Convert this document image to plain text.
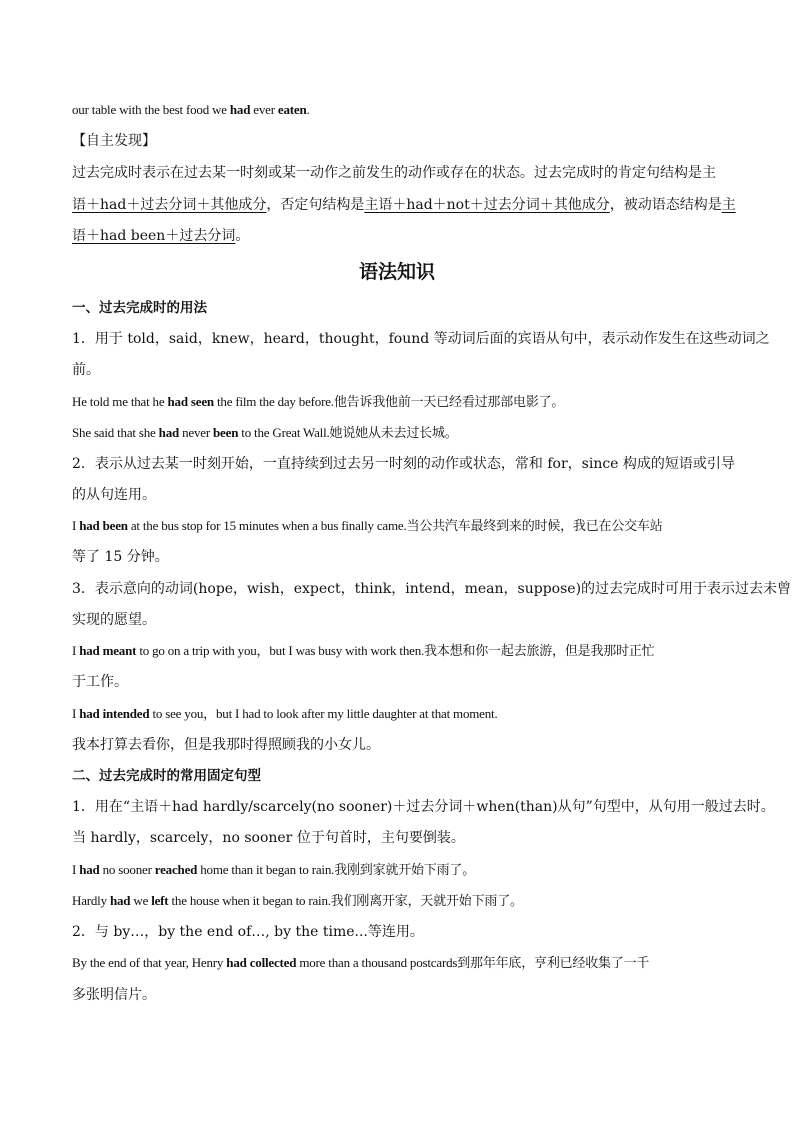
our table with the best food we had ever eaten.

【自主发现】

过去完成时表示在过去某一时刻或某一动作之前发生的动作或存在的状态。过去完成时的肯定句结构是主

语＋had＋过去分词＋其他成分，否定句结构是主语＋had＋not＋过去分词＋其他成分，被动语态结构是主

语＋had been＋过去分词。

语法知识

一、过去完成时的用法

1．用于 told，said，knew，heard，thought，found 等动词后面的宾语从句中，表示动作发生在这些动词之

前。

He told me that he had seen the film the day before.他告诉我他前一天已经看过那部电影了。

She said that she had never been to the Great Wall.她说她从未去过长城。

2．表示从过去某一时刻开始，一直持续到过去另一时刻的动作或状态，常和 for，since 构成的短语或引导

的从句连用。

I had been at the bus stop for 15 minutes when a bus finally came.当公共汽车最终到来的时候，我已在公交车站

等了 15 分钟。

3．表示意向的动词(hope，wish，expect，think，intend，mean，suppose)的过去完成时可用于表示过去未曾

实现的愿望。

I had meant to go on a trip with you，but I was busy with work then.我本想和你一起去旅游，但是我那时正忙

于工作。

I had intended to see you，but I had to look after my little daughter at that moment.

我本打算去看你，但是我那时得照顾我的小女儿。

二、过去完成时的常用固定句型

1．用在“主语＋had hardly/scarcely(no sooner)＋过去分词＋when(than)从句”句型中，从句用一般过去时。

当 hardly，scarcely，no sooner 位于句首时，主句要倒装。

I had no sooner reached home than it began to rain.我刚到家就开始下雨了。

Hardly had we left the house when it began to rain.我们刚离开家，天就开始下雨了。

2．与 by…，by the end of…, by the time...等连用。

By the end of that year, Henry had collected more than a thousand postcards到那年年底，亨利已经收集了一千

多张明信片。
